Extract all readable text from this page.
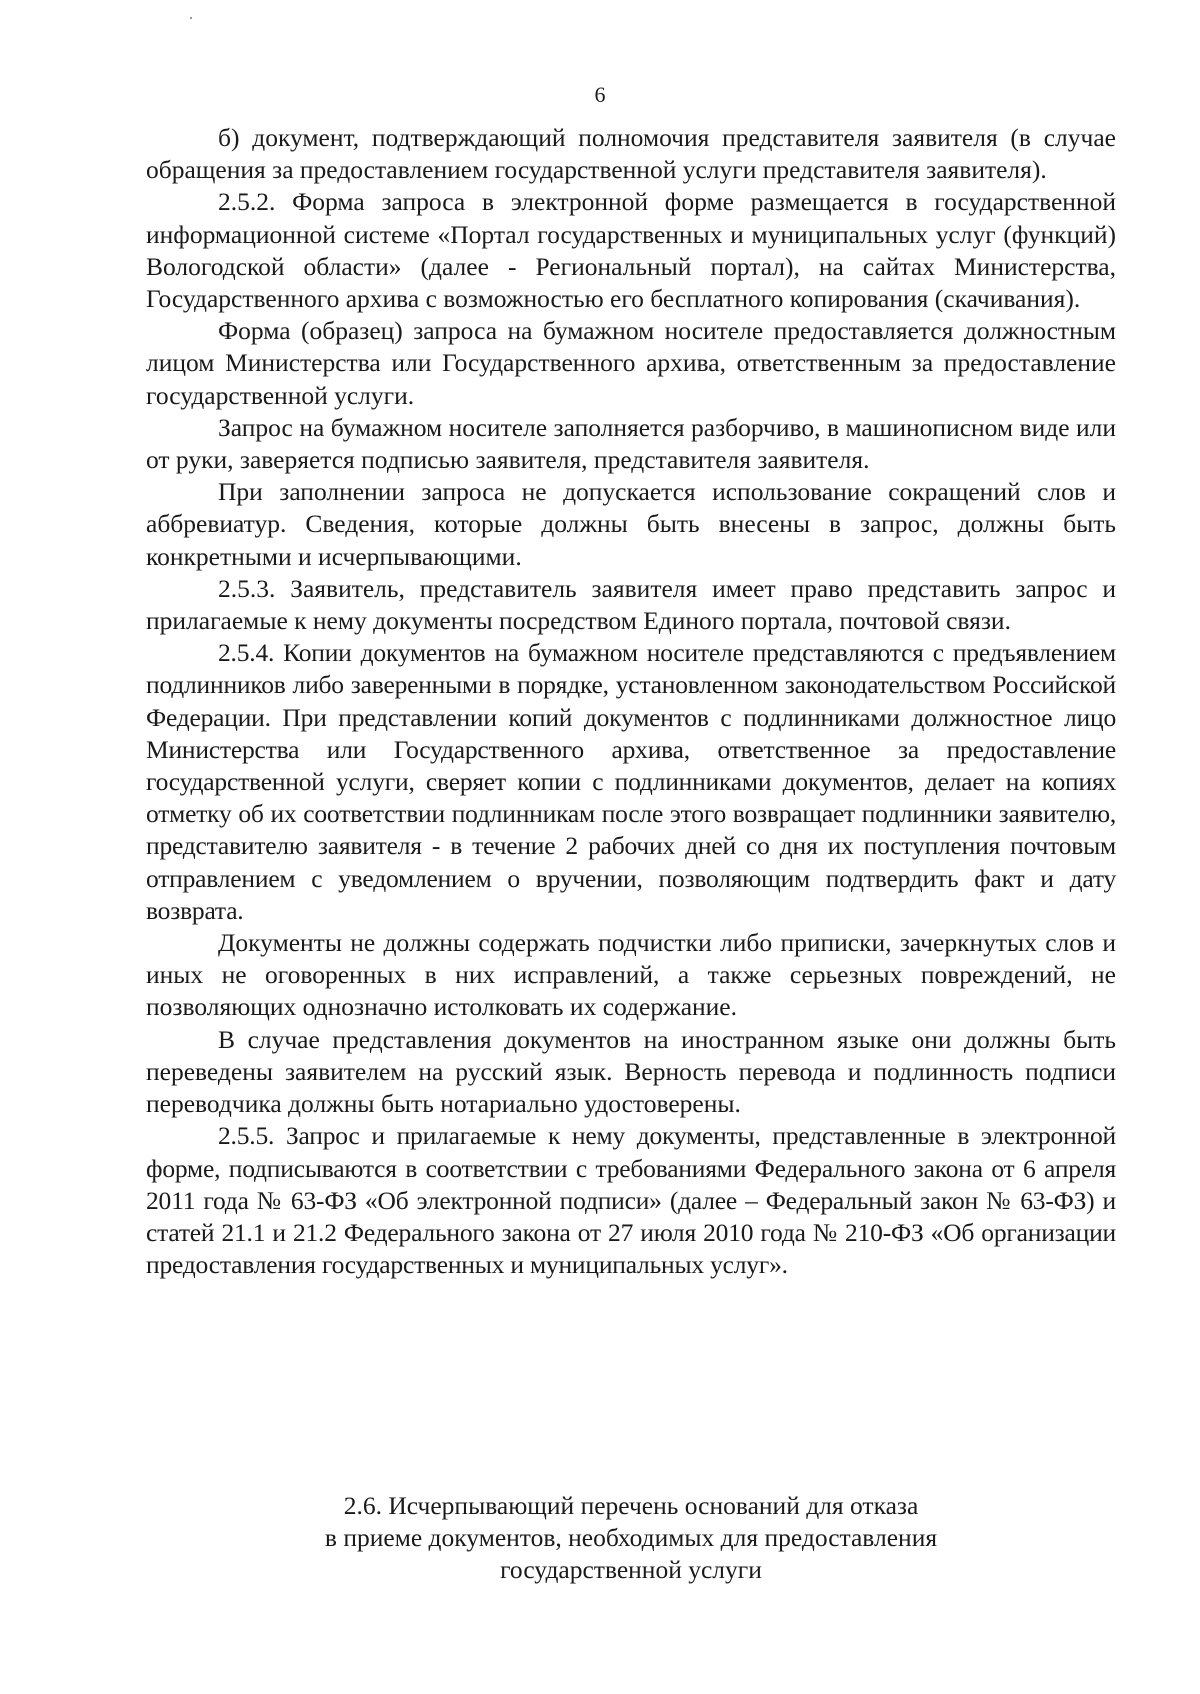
6

б) документ, подтверждающий полномочия представителя заявителя (в случае обращения за предоставлением государственной услуги представителя заявителя).

2.5.2. Форма запроса в электронной форме размещается в государственной информационной системе «Портал государственных и муниципальных услуг (функций) Вологодской области» (далее - Региональный портал), на сайтах Министерства, Государственного архива с возможностью его бесплатного копирования (скачивания).

Форма (образец) запроса на бумажном носителе предоставляется должностным лицом Министерства или Государственного архива, ответственным за предоставление государственной услуги.

Запрос на бумажном носителе заполняется разборчиво, в машинописном виде или от руки, заверяется подписью заявителя, представителя заявителя.

При заполнении запроса не допускается использование сокращений слов и аббревиатур. Сведения, которые должны быть внесены в запрос, должны быть конкретными и исчерпывающими.

2.5.3. Заявитель, представитель заявителя имеет право представить запрос и прилагаемые к нему документы посредством Единого портала, почтовой связи.

2.5.4. Копии документов на бумажном носителе представляются с предъявлением подлинников либо заверенными в порядке, установленном законодательством Российской Федерации. При представлении копий документов с подлинниками должностное лицо Министерства или Государственного архива, ответственное за предоставление государственной услуги, сверяет копии с подлинниками документов, делает на копиях отметку об их соответствии подлинникам после этого возвращает подлинники заявителю, представителю заявителя - в течение 2 рабочих дней со дня их поступления почтовым отправлением с уведомлением о вручении, позволяющим подтвердить факт и дату возврата.

Документы не должны содержать подчистки либо приписки, зачеркнутых слов и иных не оговоренных в них исправлений, а также серьезных повреждений, не позволяющих однозначно истолковать их содержание.

В случае представления документов на иностранном языке они должны быть переведены заявителем на русский язык. Верность перевода и подлинность подписи переводчика должны быть нотариально удостоверены.

2.5.5. Запрос и прилагаемые к нему документы, представленные в электронной форме, подписываются в соответствии с требованиями Федерального закона от 6 апреля 2011 года № 63-ФЗ «Об электронной подписи» (далее – Федеральный закон № 63-ФЗ) и статей 21.1 и 21.2 Федерального закона от 27 июля 2010 года № 210-ФЗ «Об организации предоставления государственных и муниципальных услуг».

2.6. Исчерпывающий перечень оснований для отказа
в приеме документов, необходимых для предоставления
государственной услуги
